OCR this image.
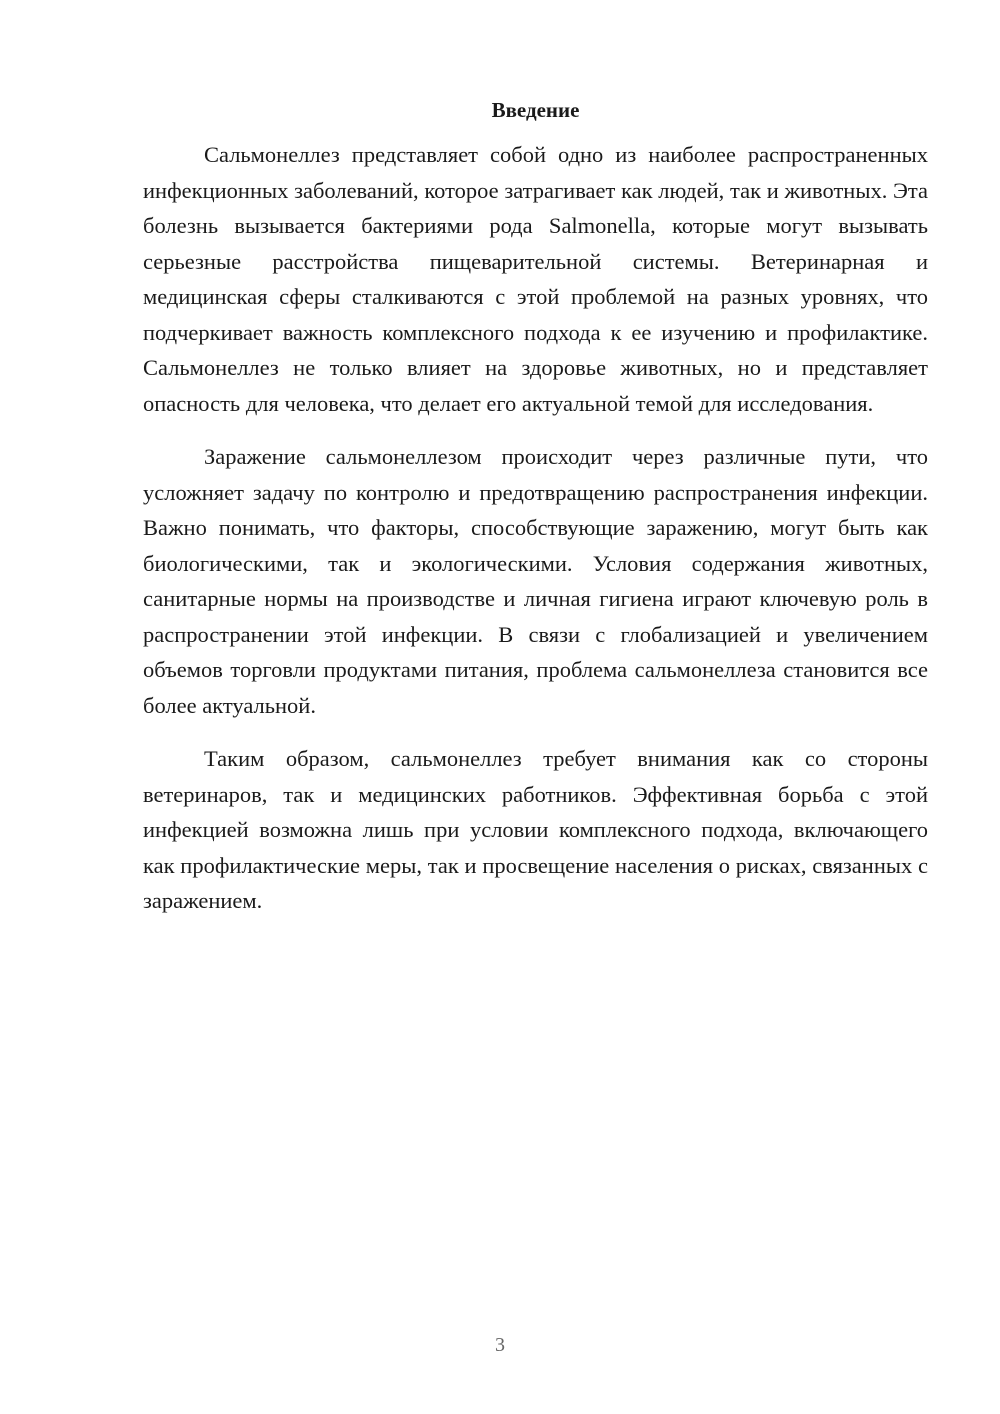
Введение

Сальмонеллез представляет собой одно из наиболее распространенных инфекционных заболеваний, которое затрагивает как людей, так и животных. Эта болезнь вызывается бактериями рода Salmonella, которые могут вызывать серьезные расстройства пищеварительной системы. Ветеринарная и медицинская сферы сталкиваются с этой проблемой на разных уровнях, что подчеркивает важность комплексного подхода к ее изучению и профилактике. Сальмонеллез не только влияет на здоровье животных, но и представляет опасность для человека, что делает его актуальной темой для исследования.

Заражение сальмонеллезом происходит через различные пути, что усложняет задачу по контролю и предотвращению распространения инфекции. Важно понимать, что факторы, способствующие заражению, могут быть как биологическими, так и экологическими. Условия содержания животных, санитарные нормы на производстве и личная гигиена играют ключевую роль в распространении этой инфекции. В связи с глобализацией и увеличением объемов торговли продуктами питания, проблема сальмонеллеза становится все более актуальной.

Таким образом, сальмонеллез требует внимания как со стороны ветеринаров, так и медицинских работников. Эффективная борьба с этой инфекцией возможна лишь при условии комплексного подхода, включающего как профилактические меры, так и просвещение населения о рисках, связанных с заражением.

3
